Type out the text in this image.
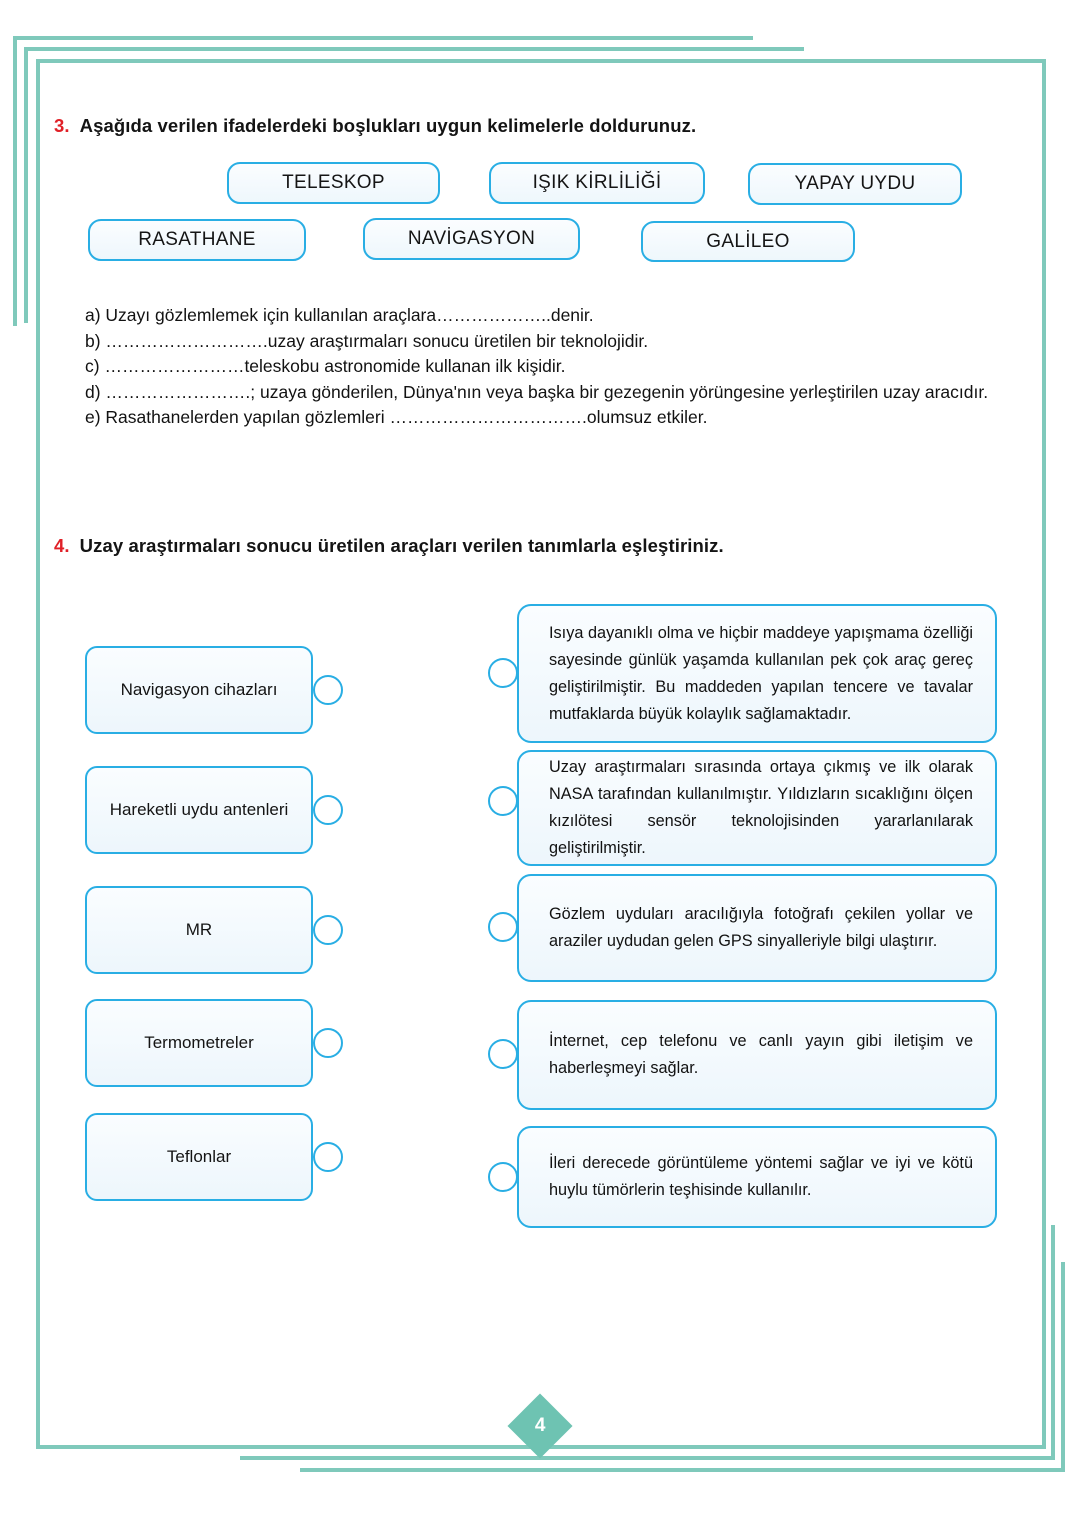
3. Aşağıda verilen ifadelerdeki boşlukları uygun kelimelerle doldurunuz.
TELESKOP	IŞIK KİRLİLİĞİ	YAPAY UYDU
RASATHANE	NAVİGASYON	GALİLEO
a) Uzayı gözlemlemek için kullanılan araçlara………………..denir.
b) ……………………….uzay araştırmaları sonucu üretilen bir teknolojidir.
c) ……………………teleskobu astronomide kullanan ilk kişidir.
d) …………………….; uzaya gönderilen, Dünya'nın veya başka bir gezegenin yörüngesine yerleştirilen uzay aracıdır.
e) Rasathanelerden yapılan gözlemleri …………………………….olumsuz etkiler.
4. Uzay araştırmaları sonucu üretilen araçları verilen tanımlarla eşleştiriniz.
Navigasyon cihazları
Hareketli uydu antenleri
MR
Termometreler
Teflonlar

Isıya dayanıklı olma ve hiçbir maddeye yapışmama özelliği sayesinde günlük yaşamda kullanılan pek çok araç gereç geliştirilmiştir. Bu maddeden yapılan tencere ve tavalar mutfaklarda büyük kolaylık sağlamaktadır.

Uzay araştırmaları sırasında ortaya çıkmış ve ilk olarak NASA tarafından kullanılmıştır. Yıldızların sıcaklığını ölçen kızılötesi sensör teknolojisinden yararlanılarak geliştirilmiştir.

Gözlem uyduları aracılığıyla fotoğrafı çekilen yollar ve araziler uydudan gelen GPS sinyalleriyle bilgi ulaştırır.

İnternet, cep telefonu ve canlı yayın gibi iletişim ve haberleşmeyi sağlar.

İleri derecede görüntüleme yöntemi sağlar ve iyi ve kötü huylu tümörlerin teşhisinde kullanılır.

4
